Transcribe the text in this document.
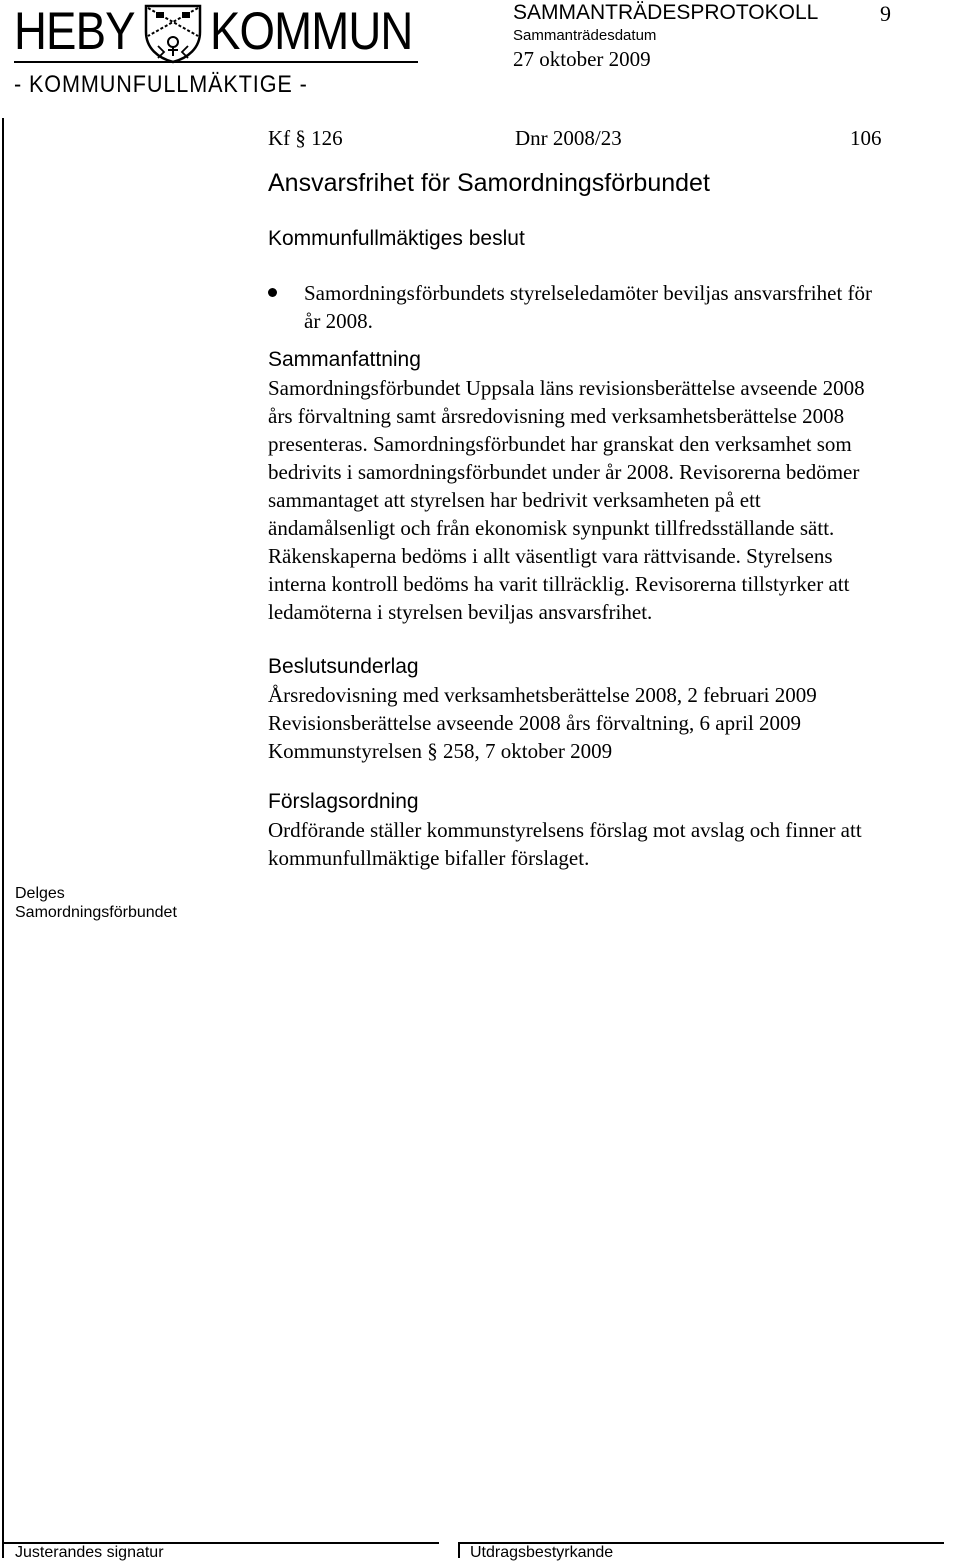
HEBY KOMMUN
- KOMMUNFULLMÄKTIGE -
SAMMANTRÄDESPROTOKOLL	9
Sammanträdesdatum
27 oktober 2009
Kf § 126	Dnr 2008/23	106
Ansvarsfrihet för Samordningsförbundet
Kommunfullmäktiges beslut
Samordningsförbundets styrelseledamöter beviljas ansvarsfrihet för
år 2008.
Sammanfattning
Samordningsförbundet Uppsala läns revisionsberättelse avseende 2008
års förvaltning samt årsredovisning med verksamhetsberättelse 2008
presenteras. Samordningsförbundet har granskat den verksamhet som
bedrivits i samordningsförbundet under år 2008. Revisorerna bedömer
sammantaget att styrelsen har bedrivit verksamheten på ett
ändamålsenligt och från ekonomisk synpunkt tillfredsställande sätt.
Räkenskaperna bedöms i allt väsentligt vara rättvisande. Styrelsens
interna kontroll bedöms ha varit tillräcklig. Revisorerna tillstyrker att
ledamöterna i styrelsen beviljas ansvarsfrihet.
Beslutsunderlag
Årsredovisning med verksamhetsberättelse 2008, 2 februari 2009
Revisionsberättelse avseende 2008 års förvaltning, 6 april 2009
Kommunstyrelsen § 258, 7 oktober 2009
Förslagsordning
Ordförande ställer kommunstyrelsens förslag mot avslag och finner att
kommunfullmäktige bifaller förslaget.
Delges
Samordningsförbundet
Justerandes signatur	Utdragsbestyrkande
